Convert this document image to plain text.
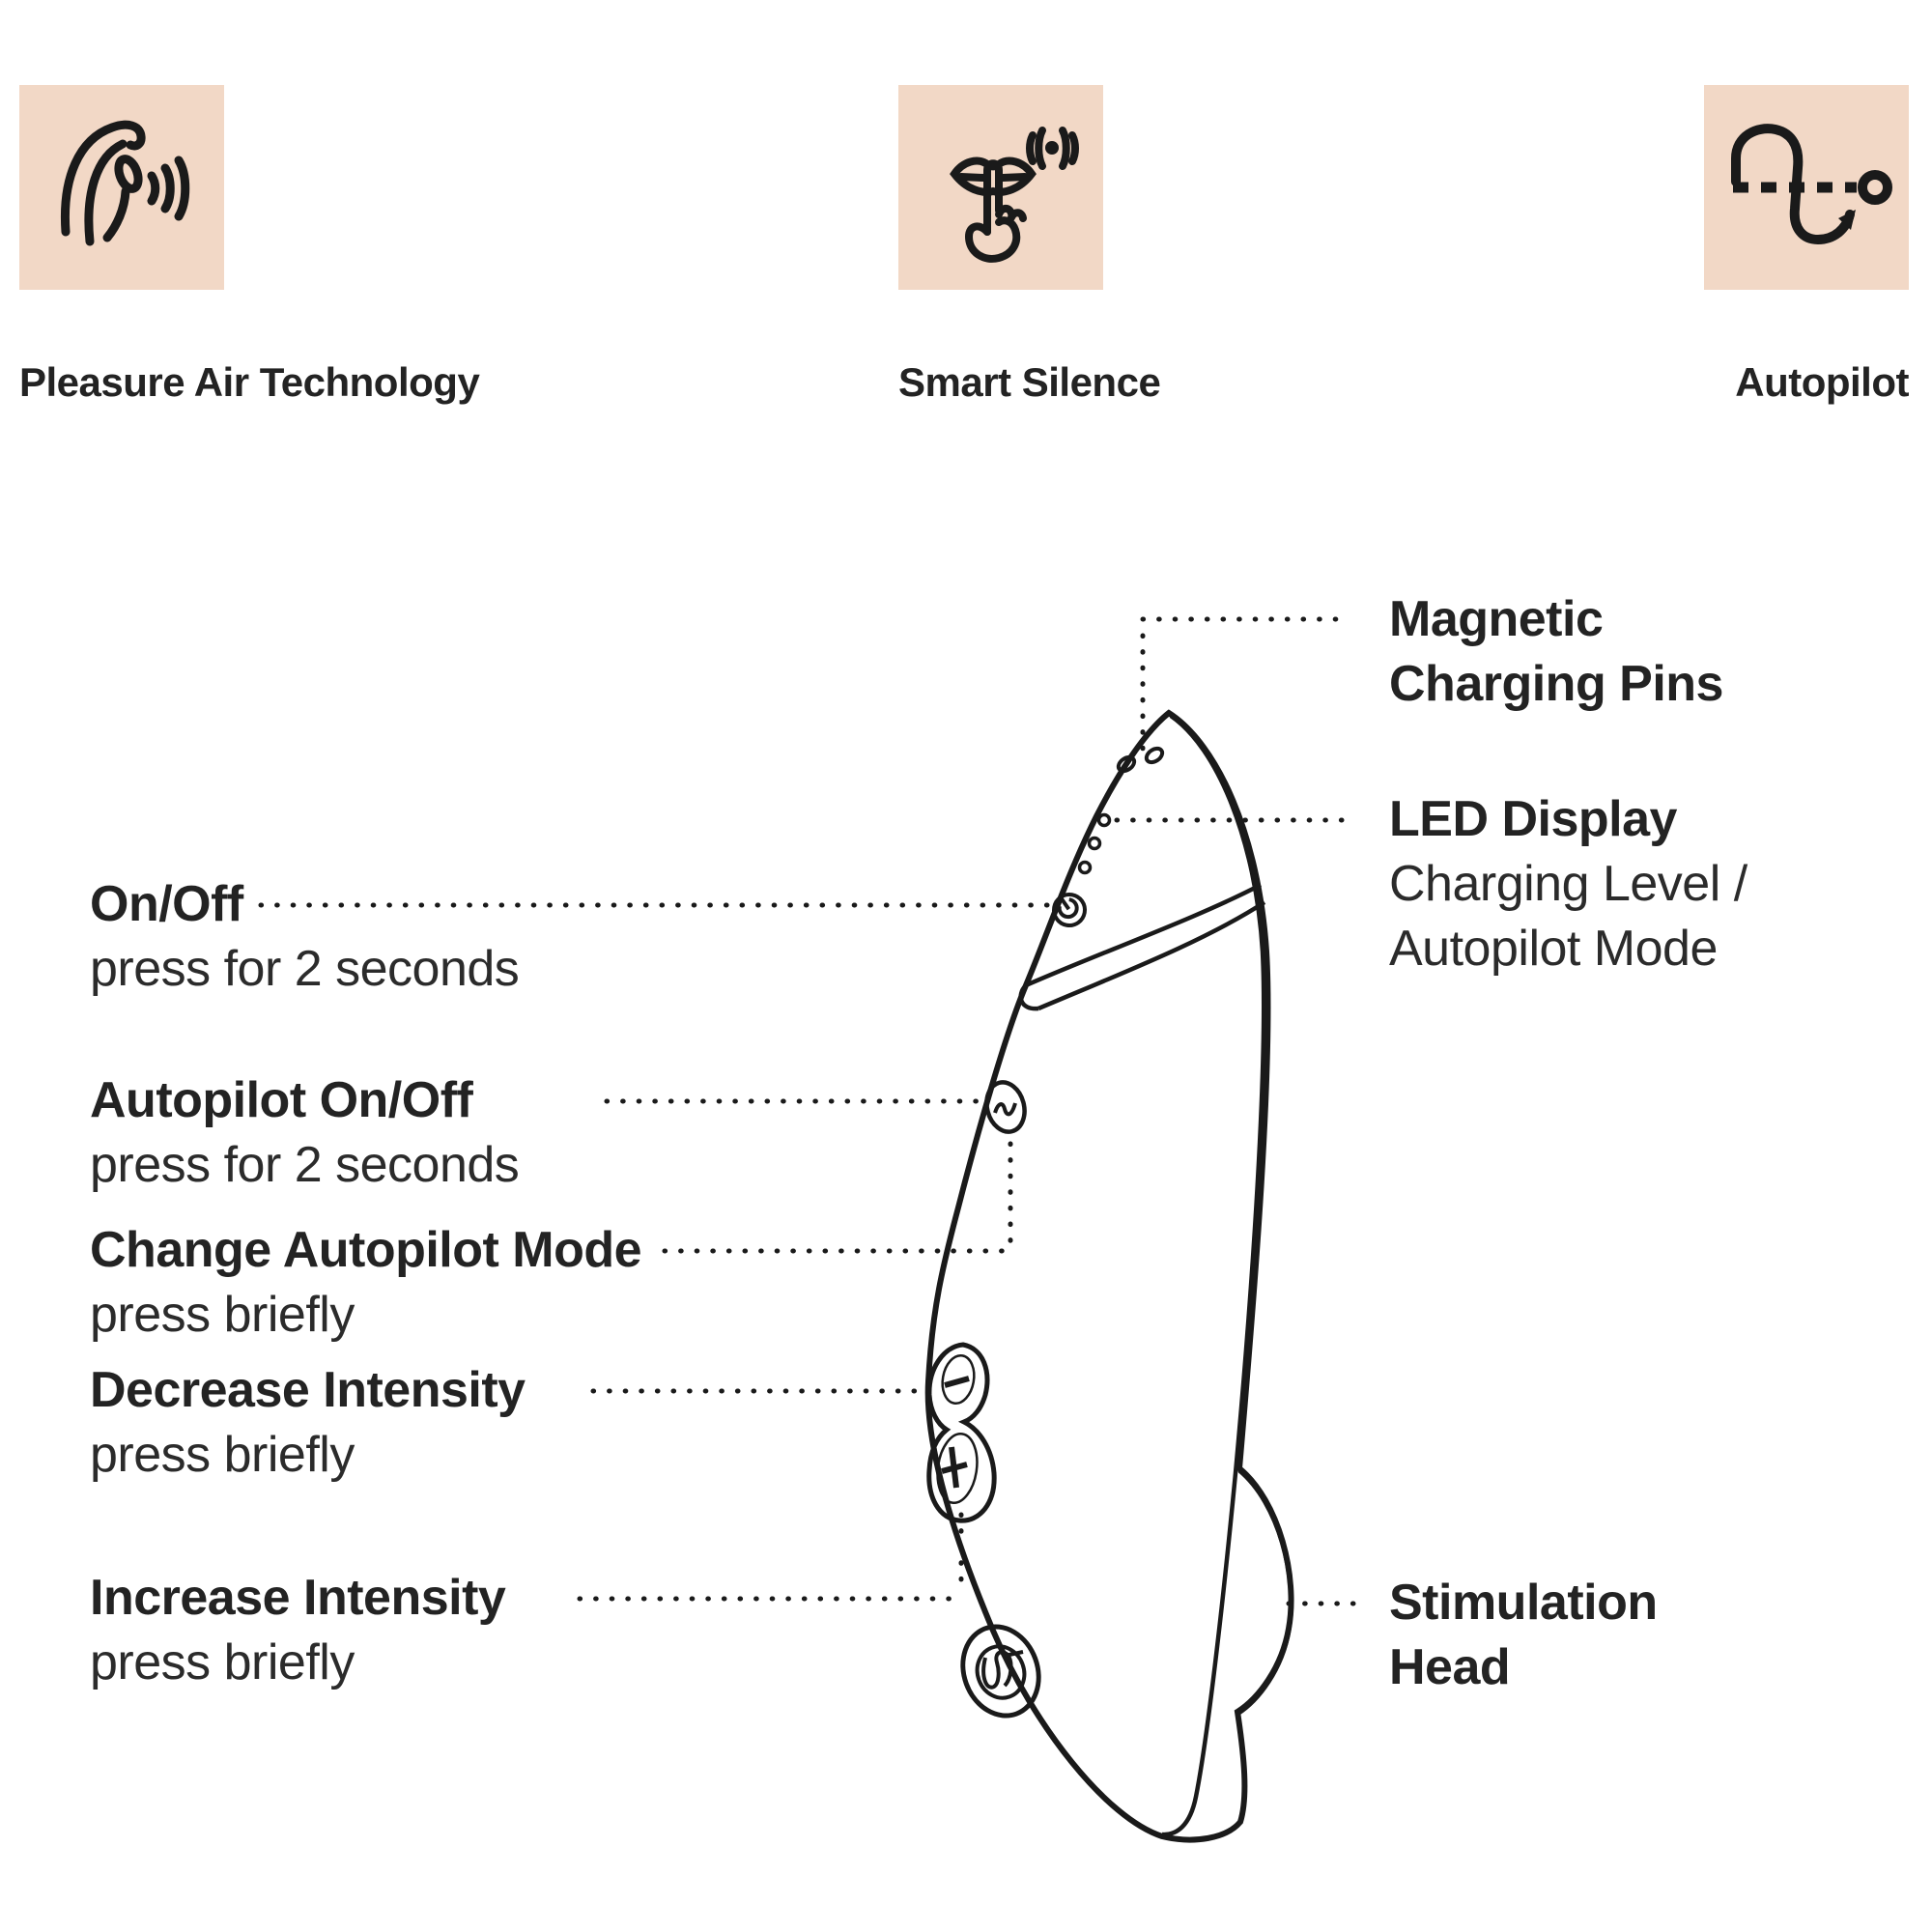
Pleasure Air Technology	Smart Silence	Autopilot
On/Off
press for 2 seconds
Autopilot On/Off
press for 2 seconds
Change Autopilot Mode
press briefly
Decrease Intensity
press briefly
Increase Intensity
press briefly
Magnetic
Charging Pins
LED Display
Charging Level /
Autopilot Mode
Stimulation
Head
